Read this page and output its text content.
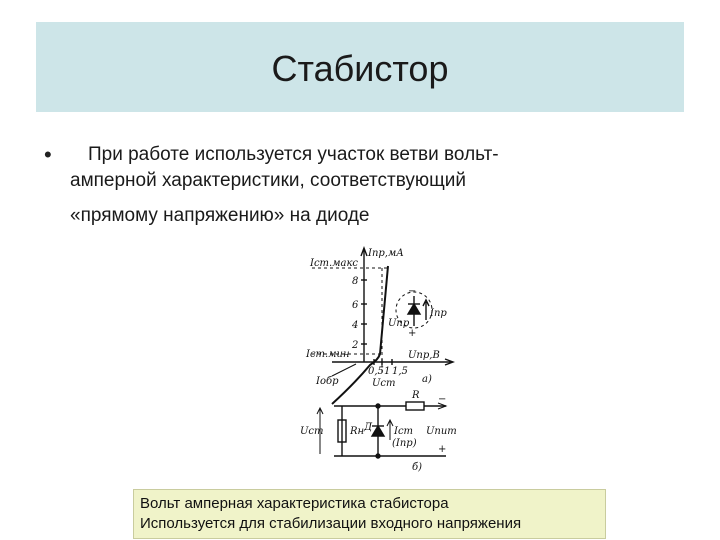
Стабистор
•	При работе используется участок ветви вольт-
амперной характеристики, соответствующий
«прямому напряжению» на диоде
Iпр,мА
Iст.макс
8
6
4
2
Iст.мин	Uпр,В
0,5 1 1,5
Iобр	Uст	а)
−
+
Uпр
Iпр
R
Rн Д
Uст	Iст
(Iпр)
Uпит
−
+
б)
Вольт амперная характеристика стабистора
Используется для стабилизации входного напряжения
